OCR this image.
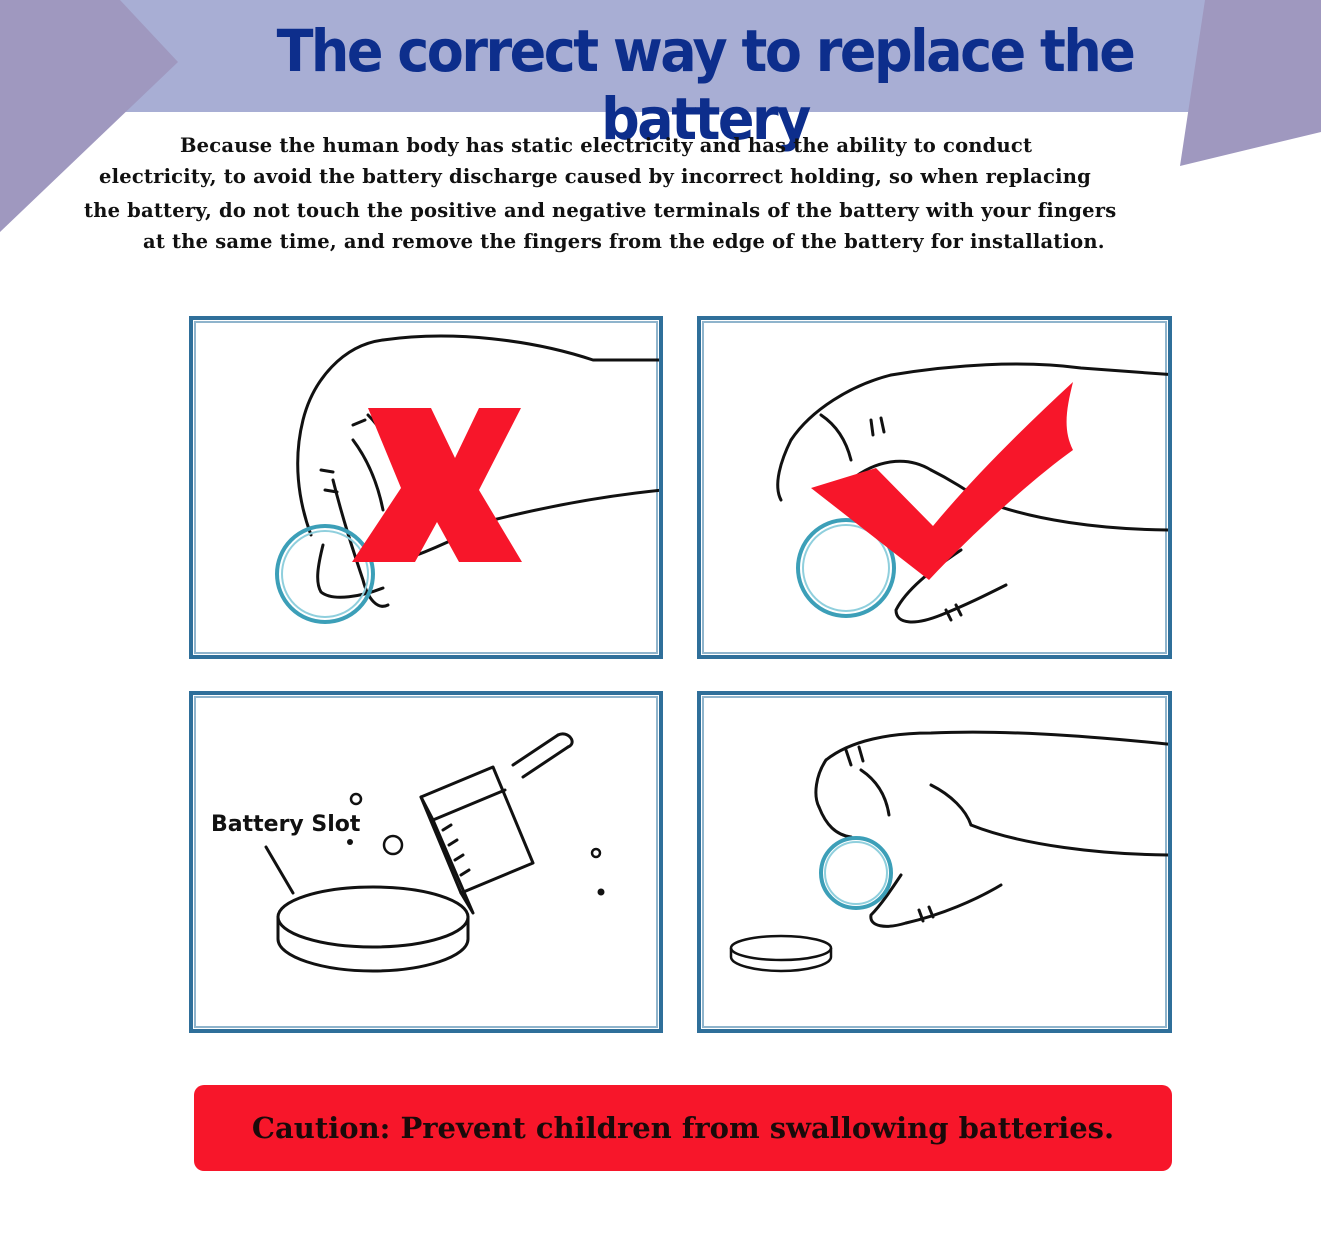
The correct way to replace the battery

Because the human body has static electricity and has the ability to conduct

electricity, to avoid the battery discharge caused by incorrect holding, so when replacing

the battery, do not touch the positive and negative terminals of the battery with your fingers

at the same time, and remove the fingers from the edge of the battery for installation.

Battery Slot
Caution: Prevent children from swallowing batteries.
